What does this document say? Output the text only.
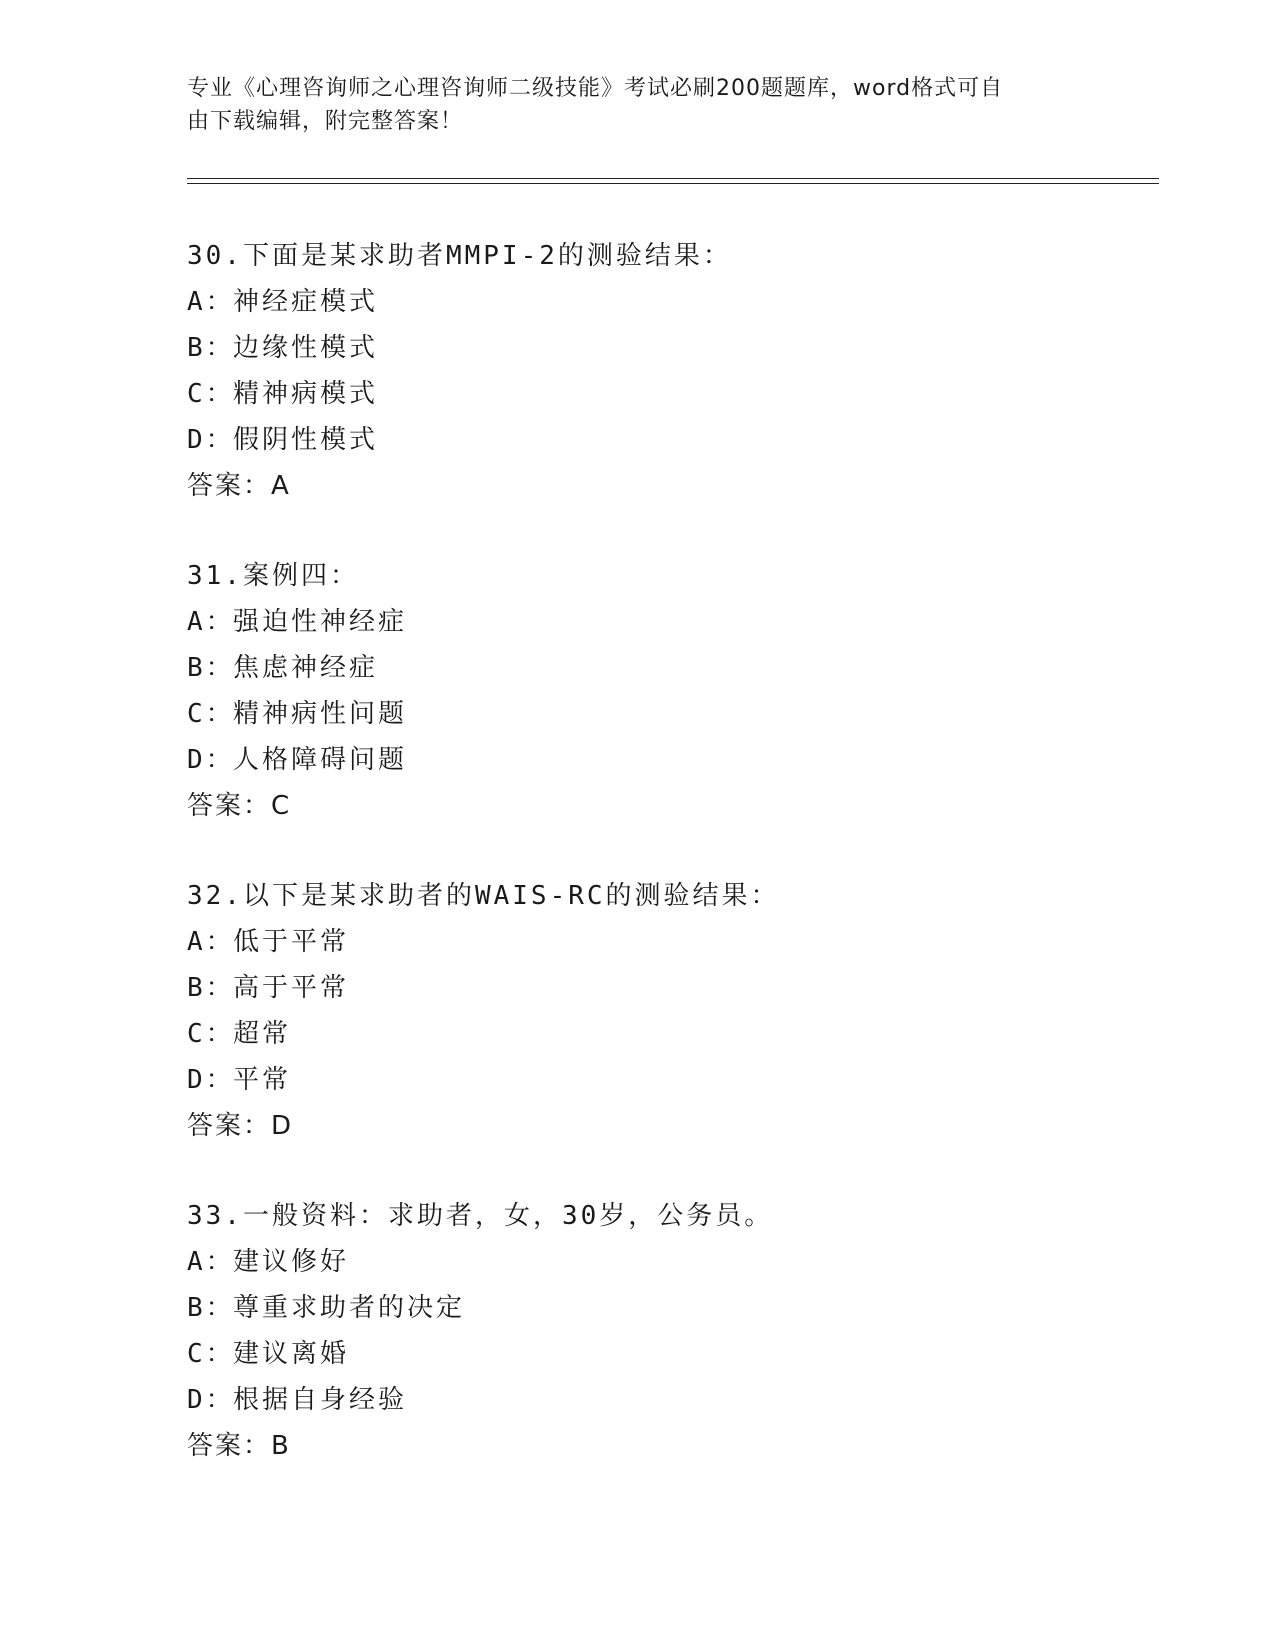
专业《心理咨询师之心理咨询师二级技能》考试必刷200题题库，word格式可自
由下载编辑，附完整答案！
30.下面是某求助者MMPI-2的测验结果：
A：神经症模式
B：边缘性模式
C：精神病模式
D：假阴性模式
答案：A
31.案例四：
A：强迫性神经症
B：焦虑神经症
C：精神病性问题
D：人格障碍问题
答案：C
32.以下是某求助者的WAIS-RC的测验结果：
A：低于平常
B：高于平常
C：超常
D：平常
答案：D
33.一般资料：求助者，女，30岁，公务员。
A：建议修好
B：尊重求助者的决定
C：建议离婚
D：根据自身经验
答案：B
